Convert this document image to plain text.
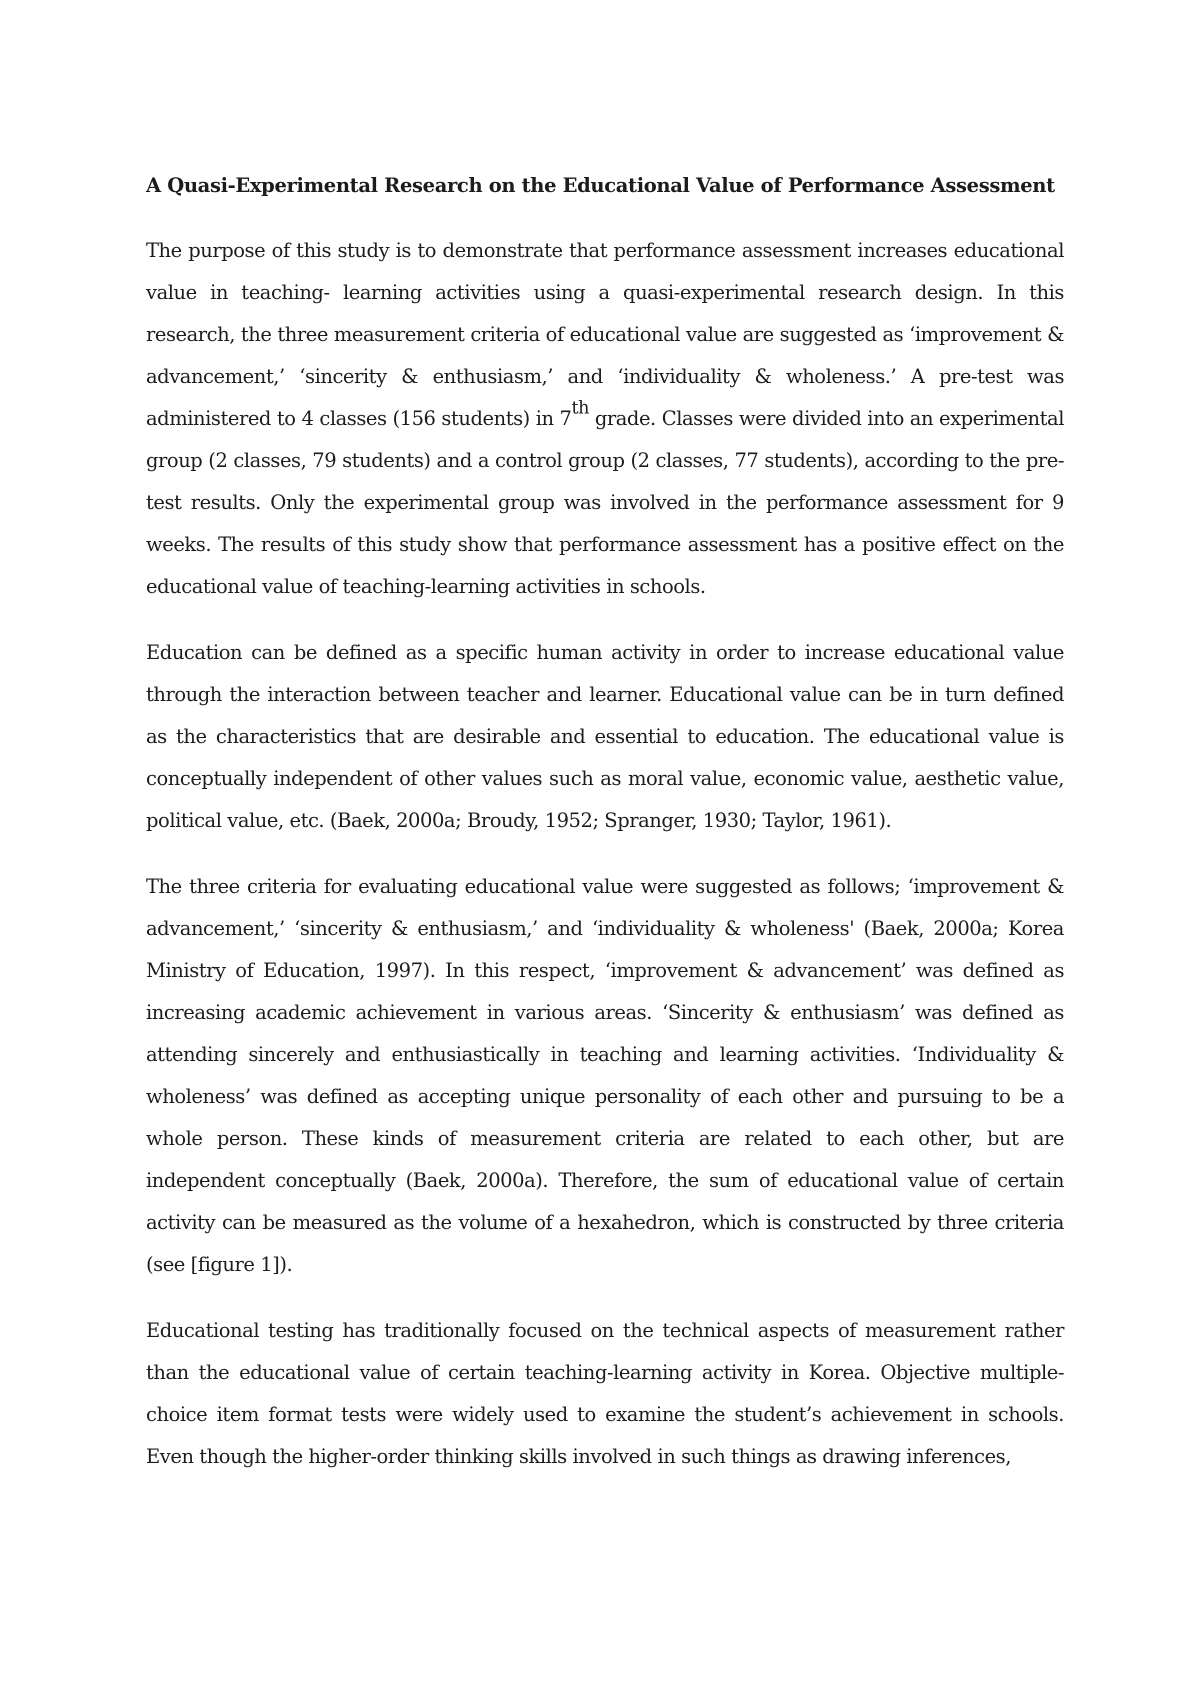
A Quasi-Experimental Research on the Educational Value of Performance Assessment

The purpose of this study is to demonstrate that performance assessment increases educational value in teaching- learning activities using a quasi-experimental research design. In this research, the three measurement criteria of educational value are suggested as ‘improvement & advancement,’ ‘sincerity & enthusiasm,’ and ‘individuality & wholeness.’ A pre-test was administered to 4 classes (156 students) in 7th grade. Classes were divided into an experimental group (2 classes, 79 students) and a control group (2 classes, 77 students), according to the pre-test results. Only the experimental group was involved in the performance assessment for 9 weeks. The results of this study show that performance assessment has a positive effect on the educational value of teaching-learning activities in schools.

Education can be defined as a specific human activity in order to increase educational value through the interaction between teacher and learner. Educational value can be in turn defined as the characteristics that are desirable and essential to education. The educational value is conceptually independent of other values such as moral value, economic value, aesthetic value, political value, etc. (Baek, 2000a; Broudy, 1952; Spranger, 1930; Taylor, 1961).

The three criteria for evaluating educational value were suggested as follows; ‘improvement & advancement,’ ‘sincerity & enthusiasm,’ and ‘individuality & wholeness' (Baek, 2000a; Korea Ministry of Education, 1997). In this respect, ‘improvement & advancement’ was defined as increasing academic achievement in various areas. ‘Sincerity & enthusiasm’ was defined as attending sincerely and enthusiastically in teaching and learning activities. ‘Individuality & wholeness’ was defined as accepting unique personality of each other and pursuing to be a whole person. These kinds of measurement criteria are related to each other, but are independent conceptually (Baek, 2000a). Therefore, the sum of educational value of certain activity can be measured as the volume of a hexahedron, which is constructed by three criteria (see [figure 1]).

Educational testing has traditionally focused on the technical aspects of measurement rather than the educational value of certain teaching-learning activity in Korea. Objective multiple-choice item format tests were widely used to examine the student’s achievement in schools. Even though the higher-order thinking skills involved in such things as drawing inferences,
